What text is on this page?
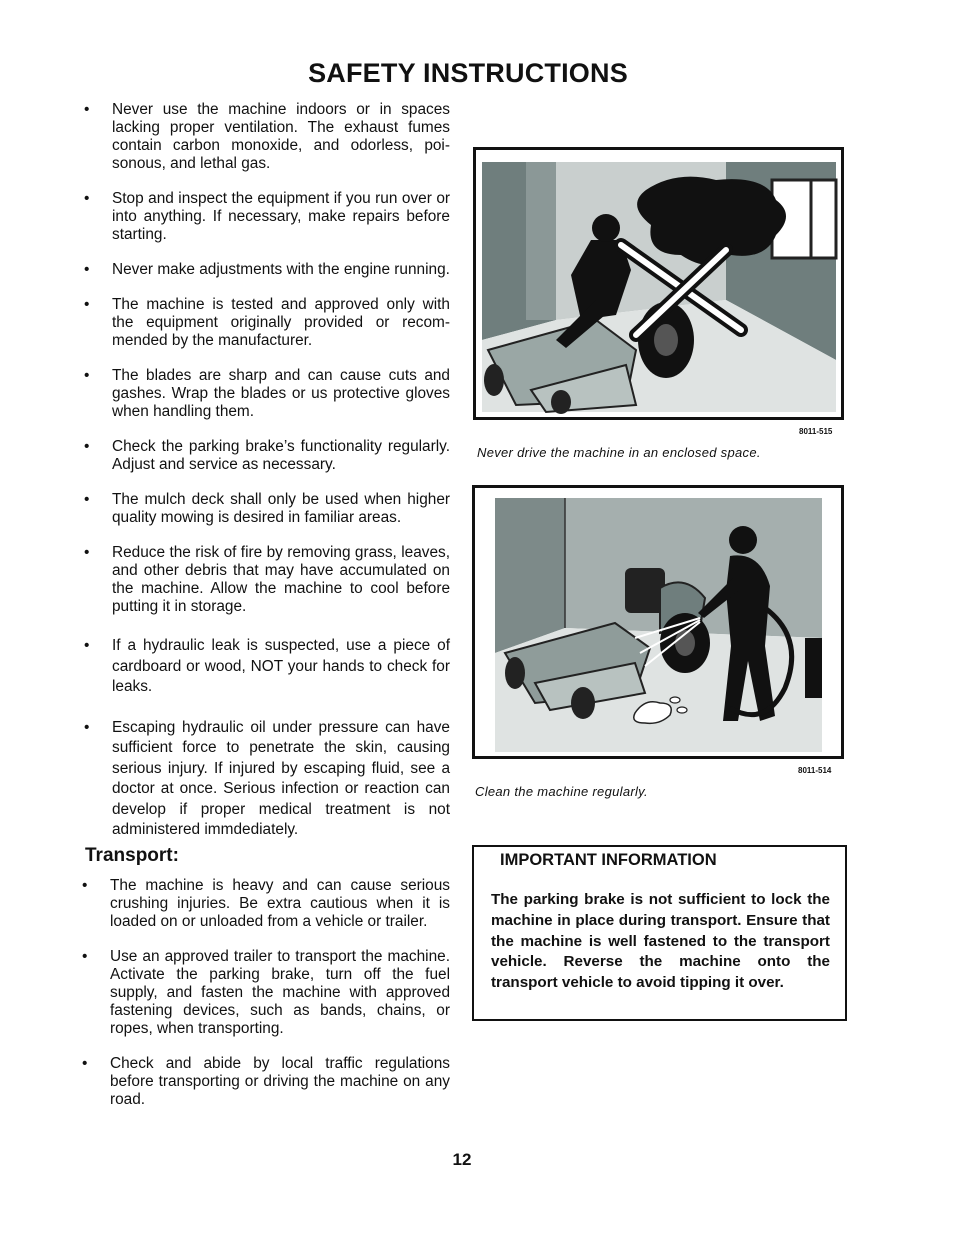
SAFETY INSTRUCTIONS
• Never use the machine indoors or in spaces lacking proper ventilation. The exhaust fumes contain carbon monoxide, and odorless, poisonous, and lethal gas.
• Stop and inspect the equipment if you run over or into anything. If necessary, make repairs before starting.
• Never make adjustments with the engine running.
• The machine is tested and approved only with the equipment originally provided or recommended by the manufacturer.
• The blades are sharp and can cause cuts and gashes. Wrap the blades or us protective gloves when handling them.
• Check the parking brake’s functionality regularly. Adjust and service as necessary.
• The mulch deck shall only be used when higher quality mowing is desired in familiar areas.
• Reduce the risk of fire by removing grass, leaves, and other debris that may have accumulated on the machine. Allow the machine to cool before putting it in storage.
• If a hydraulic leak is suspected, use a piece of cardboard or wood, NOT your hands to check for leaks.
• Escaping hydraulic oil under pressure can have sufficient force to penetrate the skin, causing serious injury. If injured by escaping fluid, see a doctor at once. Serious infection or reaction can develop if proper medical treatment is not administered immdediately.
Transport:
• The machine is heavy and can cause serious crushing injuries. Be extra cautious when it is loaded on or unloaded from a vehicle or trailer.
• Use an approved trailer to transport the machine. Activate the parking brake, turn off the fuel supply, and fasten the machine with approved fastening devices, such as bands, chains, or ropes, when transporting.
• Check and abide by local traffic regulations before transporting or driving the machine on any road.
8011-515
Never drive the machine in an enclosed space.
8011-514
Clean the machine regularly.
IMPORTANT INFORMATION
The parking brake is not sufficient to lock the machine in place during transport. Ensure that the machine is well fastened to the transport vehicle. Reverse the machine onto the transport vehicle to avoid tipping it over.
12
